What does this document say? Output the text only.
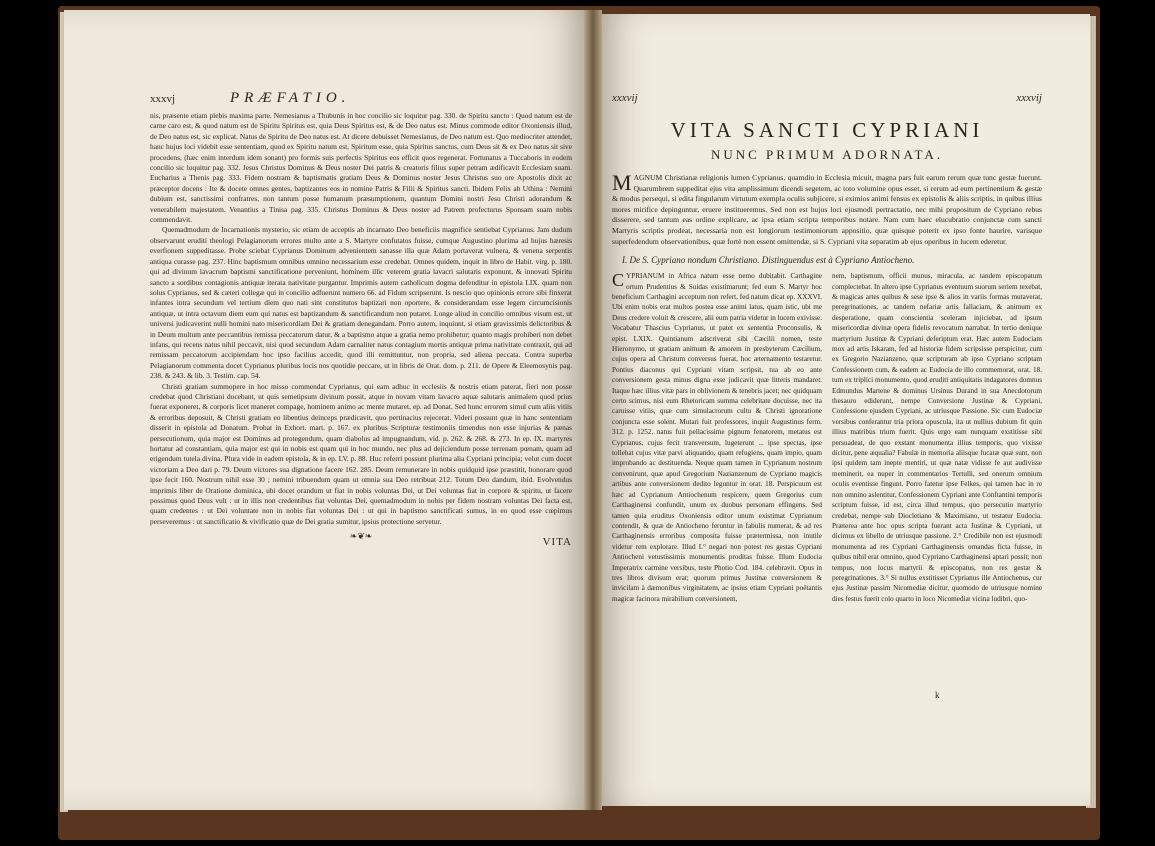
xxxvj	PRÆFATIO.

nis, præsente etiam plebis maxima parte. Nemesianus a Thubunis in hoc concilio sic loquitur pag. 330. de Spiritu sancto : Quod natum est de carne caro est, & quod natum est de Spiritu Spiritus est, quia Deus Spiritus est, & de Deo natus est. Minus commode editor Oxoniensis illud, de Deo natus est, sic explicat. Natus de Spiritu de Deo natus est. At dicere debuisset Nemesianus, de Deo natum est. Quo mediocriter attendet, hanc hujus loci videbit esse sententiam, quod ex Spiritu natum est, Spiritum esse, quia Spiritus sanctus, cum Deus sit & ex Deo natus sit sive procedens, (hæc enim interdum idem sonant) pro formis suis perfectis Spiritus eos efficit quos regenerat. Fortunatus a Tuccaboris in eodem concilio sic loquitur pag. 332. Jesus Christus Dominus & Deus noster Dei patris & creatoris filius super petram ædificavit Ecclesiam suam. Eucharius a Thenis pag. 333. Fidem nostram & baptismatis gratiam Deus & Dominus noster Jesus Christus suo ore Apostolis dixit ac præceptor docens : Ite & docete omnes gentes, baptizantes eos in nomine Patris & Filii & Spiritus sancti. Ibidem Felix ab Uthina : Nemini dubium est, sanctissimi confratres, non tantum posse humanum præsumptionem, quantum Domini nostri Jesu Christi adorandum & venerabilem majestatem. Venantius a Tinisa pag. 335. Christus Dominus & Deus noster ad Patrem profecturus Sponsam suam nobis commendavit.

Quemadmodum de Incarnationis mysterio, sic etiam de acceptis ab incarnato Deo beneficiis magnifice sentiebat Cyprianus. Jam dudum observarunt eruditi theologi Pelagianorum errores multo ante a S. Martyre confutatos fuisse, cumque Augustino plurima ad hujus hæresis everfionem suppeditasse. Probe sciebat Cyprianus Dominum advenientem sanasse illa quæ Adam portaverat vulnera, & venena serpentis antiqua curasse pag. 237. Hinc baptismum omnibus omnino necessarium esse credebat. Omnes quidem, inquit in libro de Habit. virg. p. 180. qui ad divinum lavacrum baptismi sanctificatione perveniunt, hominem illic veterem gratia lavacri salutaris exponunt, & innovati Spiritu sancto a sordibus contagionis antiquæ iterata nativitate purgantur. Imprimis autem catholicum dogma defenditur in epistola LIX. quam non solus Cyprianus, sed & cæteri collegæ qui in concilio adfuerunt numero 66. ad Fidum scripserunt. Is nescio quo opinionis errore sibi finxerat infantes intra secundum vel tertium diem quo nati sint constitutos baptizari non oportere, & considerandam esse legem circumcisionis antiquæ, ut intra octavum diem eum qui natus est baptizandum & sanctificandum non putaret. Longe aliud in concilio omnibus visum est, ut universi judicaverint nulli homini nato misericordiam Dei & gratiam denegandam. Porro autem, inquiunt, si etiam gravissimis delictoribus & in Deum multum ante peccantibus remissa peccatorum datur, & a baptismo atque a gratia nemo prohibetur; quanto magis prohiberi non debet infans, qui recens natus nihil peccavit, nisi quod secundum Adam carnaliter natus contagium mortis antiquæ prima nativitate contraxit, qui ad remissam peccatorum accipiendam hoc ipso facilius accedit, quod illi remittuntur, non propria, sed aliena peccata. Contra superba Pelagianorum commenta docet Cyprianus pluribus locis nos quotidie peccare, ut in libris de Orat. dom. p. 211. de Opere & Eleemosynis pag. 238. & 243. & lib. 3. Testim. cap. 54.

Christi gratiam summopere in hoc misso commendat Cyprianus, qui eam adhuc in ecclesiis & nostris etiam paterat, fieri non posse credebat quod Christiani docebant, ut quis semetipsum divinum possit, atque in novam vitam lavacro aquæ salutaris animalem quod prius fuerat exponeret, & corporis licet maneret compage, hominem animo ac mente mutaret, ep. ad Donat. Sed hunc errorem simul cum aliis vitiis & erroribus deposuit, & Christi gratiam eo libentius deinceps prædicavit, quo pertinacius rejecerat. Videri possunt quæ in hanc sententiam disserit in epistola ad Donatum. Probat in Exhort. mart. p. 167. ex pluribus Scripturæ testimoniis timendus non esse injurias & pænas persecutionum, quia major est Dominus ad protegendum, quam diabolus ad impugnandum, vid. p. 262. & 268. & 273. In ep. IX. martyres hortatur ad constantiam, quia major est qui in nobis est quam qui in hoc mundo, nec plus ad dejiciendum posse terrenam pœnam, quam ad erigendum tutela divina. Plura vide in eadem epistola, & in ep. LV. p. 88. Huc referri possunt plurima alia Cypriani principia; velut cum docet victoriam a Deo dari p. 79. Deum victores sua dignatione facere 162. 285. Deum remunerare in nobis quidquid ipse præstitit, honorare quod ipse fecit 160. Nostrum nihil esse 30 ; nemini tribuendum quam ut omnia sua Deo retribuat 212. Totum Deo dandum, ibid. Evolvendus imprimis liber de Oratione dominica, ubi docet orandum ut fiat in nobis voluntas Dei, ut Dei voluntas fiat in corpore & spiritu, ut facere possimus quod Deus vult : ut in illis non credentibus fiat voluntas Dei, quemadmodum in nobis per fidem nostram voluntas Dei facta est, quam credentes : ut Dei voluntate non in nobis fiat voluntas Dei : ut qui in baptismo sanctificati sumus, in eo quod esse cœpimus perseveremus : ut sanctificatio & vivificatio quæ de Dei gratia sumitur, ipsius protectione servetur.

❧❦❧	VITA
xxxvij	xxxvij
VITA SANCTI CYPRIANI
NUNC PRIMUM ADORNATA.
M AGNUM Christianæ religionis lumen Cyprianus, quamdiu in Ecclesia micuit, magna pars fuit earum rerum quæ tunc gestæ fuerunt. Quarumbrem suppeditat ejus vita amplissimum dicendi segetem, ac toto volumine opus esset, si rerum ad eum pertinentium & gestæ & modus persequi, si edita fingularum virtutum exempla oculis subjicere, si eximios animi fensus ex epistolis & aliis scriptis, in quibus illius mores mirifice depinguntur, eruere institueremus. Sed non est hujus loci ejusmodi pertractatio, nec mihi propositum de Cypriano rebus disserere, sed tantum eas ordine explicare, ac ipsa etiam scripta temporibus notare. Nam cum haec elucubratio conjunctæ cum sancti Martyris scriptis prodeat, necessaria non est longiorum testimoniorum appositio, quæ quisque poterit ex ipso fonte haurire, varisque superfedendum observationibus, quæ fortè non essent omittendæ, si S. Cypriani vita separatim ab ejus operibus in lucem ederetur.
I. De S. Cypriano nondum Christiano. Distinguendus est à Cypriano Antiocheno.
C YPRIANUM in Africa natum esse nemo dubitabit. Carthagine ortum Prudentius & Suidas existimarunt; fed eum S. Martyr hoc beneficium Carthagini acceptum non refert, fed natum dicat ep. XXXVI. Ubi enim nobis erat multos postea esse animi latus, quam istic, ubi me Deus credere voluit & crescere, alii eum patria videtur in lucem exivisse. Vocabatur Thascius Cyprianus, ut patet ex sententia Proconsulis, & epist. LXIX. Quintianum adscriverat sibi Cæcilii nomen, teste Hieronymo, ut gratiam animum & amorem in presbyterum Cæcilium, cujus opera ad Christum conversus fuerat, hoc æternamento testaretur. Pontius diaconus qui Cypriani vitam scripsit, tua ab eo ante conversionem gesta minus digna esse judicavit quæ litteris mandaret. Itaque hæc illius vitæ pars in oblivionem & tenebris jacet; nec quidquam certo scimus, nisi eum Rhetoricam summa celebritate docuisse, nec ita caruisse vitiis, quæ cum simulacrorum cultu & Christi ignoratione conjuncta esse solent. Mutari fuit professores, inquit Augustinus ferm. 312. p. 1252. natus fuit pellacissime pignum fenatorem, metatus est Cyprianus, cujus fecit transversum, lugeterunt ... ipse spectas, ipse tollebat cujus vitæ parvi aliquando, quam refugiens, quam impio, quam improbando ac destituenda. Neque quam tamen in Cyprianum nostrum convenirunt, quæ apud Gregorium Nazianzenum de Cypriano magicis artibus ante conversionem dedito leguntur in orat. 18. Perspicuum est hæc ad Cyprianum Antiochenum respicere, quem Gregorius cum Carthaginensi confundit, unum ex duobus personam effingens. Sed tamen quia eruditus Oxoniensis editor unum existimat Cyprianum contendit, & quæ de Antiocheno feruntur in fabulis numerat, & ad res Carthaginensis erroribus composita fuisse prætermissa, non inutile videtur rem explorare. Illud I.° negari non potest res gestas Cypriani Antiocheni vetustissimis monumentis proditas fuisse. Illum Eudocia Imperatrix carmine versibus, teste Photio Cod. 184. celebravit. Opus in tres libros divisum erat; quorum primus Justinæ conversionem & invicilam à dæmonibus virginitatem, ac ipsius etiam Cypriani poëtantis magicæ facinora mirabilium conversionem,
nem, baptismum, officii munus, miracula, ac tandem episcopatum complectebat. In altero ipse Cyprianus eventuum suorum seriem texebat, & magicas artes quibus & sese ipse & alios in variis formas mutaverat, peregrinationes, ac tandem nefariæ artis fallaciam, & animum ex desperatione, quam conscientia sceleram injiciebat, ad ipsum misericordiæ divinæ opera fidelis revocatum narrabat. In tertio denique martyrium Justinæ & Cypriani deferiptum erat. Hæc autem Eudociam mox ad artis Iskaram, fed ad historiæ fidem scripsisse perspicitur, cum ex Gregorio Nazianzeno, quæ scripturam ab ipso Cypriano scriptam Confessionem cum, & eadem ac Eudocia de illo commemorat, orat. 18. tum ex triplici monumento, quod eruditi antiquitatis indagatores domnus Edmundus Martene & dominus Ursinus Durand in sua Anecdotorum thesauro ediderunt, nempe Conversione Justinæ & Cypriani, Confessione ejusdem Cypriani, ac utriusque Passione. Sic cum Eudociæ versibus conferantur tria priora opuscula, ita ut nullius dubium fit quin illius matribus trium fuerit. Quis ergo eam nunquam exstitisse sibi persuadeat, de quo exstant monumenta illius temporis, quo vixisse dicitur, pene æqualia? Fabulæ in memoria aliisque fucatæ quæ sunt, non ipsi quidem tam inepte mentiri, ut quæ natæ vidisse fe aut audivisse meminerit, ea nuper in commentarios Tertulli, sed onerum omnium oculis eventisse fingunt. Porro fatetur ipse Felkes, qui tamen hac in re non omnino aslentitur, Confessionem Cypriani ante Conftantini temporis scriptum fuisse, id est, circa illud tempus, quo persecutio martyrio credebat, nempe sub Diocletiano & Maximiano, ut testatur Eudocia. Præterea ante hoc opus scripta fuerant acta Justinæ & Cypriani, ut dicimus ex libello de utriusque passione. 2.° Credibile non est ejusmodi monumenta ad res Cypriani Carthaginensis ornandas ficta fuisse, in quibus nihil erat omnino, quod Cypriano Carthaginensi aptari possit; non tempus, non locus martyrii & episcopatus, non res gestæ & peregrinationes. 3.° Si nullus exstitisset Cyprianus ille Antiochenus, cur ejus Justinæ passim Nicomediæ dicitur, quomodo de utriusque nomine dies festus fuerit colo quarto in loco Nicomediæ vicina ludibri, quo-
k
